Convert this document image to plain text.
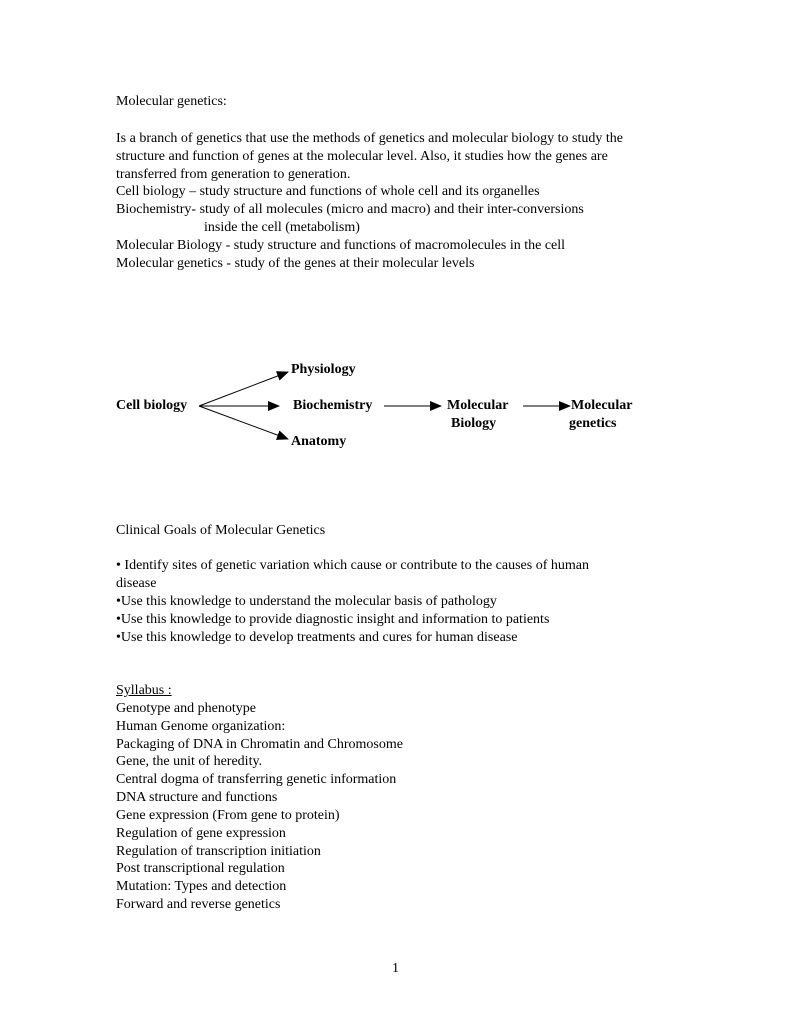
Molecular genetics:
Is a branch of genetics that use the methods of genetics and molecular biology to study the
structure and function of genes at the molecular level. Also, it studies how the genes are
transferred from generation to generation.
Cell biology – study structure and functions of whole cell and its organelles
Biochemistry- study of all molecules (micro and macro) and their inter-conversions
inside the cell (metabolism)
Molecular Biology - study structure and functions of macromolecules in the cell
Molecular genetics - study of the genes at their molecular levels
Cell biology
Physiology
Biochemistry
Anatomy
Molecular
Biology
Molecular
genetics
Clinical Goals of Molecular Genetics
• Identify sites of genetic variation which cause or contribute to the causes of human
disease
•Use this knowledge to understand the molecular basis of pathology
•Use this knowledge to provide diagnostic insight and information to patients
•Use this knowledge to develop treatments and cures for human disease
Syllabus :
Genotype and phenotype
Human Genome organization:
Packaging of DNA in Chromatin and Chromosome
Gene, the unit of heredity.
Central dogma of transferring genetic information
DNA structure and functions
Gene expression (From gene to protein)
Regulation of gene expression
Regulation of transcription initiation
Post transcriptional regulation
Mutation: Types and detection
Forward and reverse genetics
1
